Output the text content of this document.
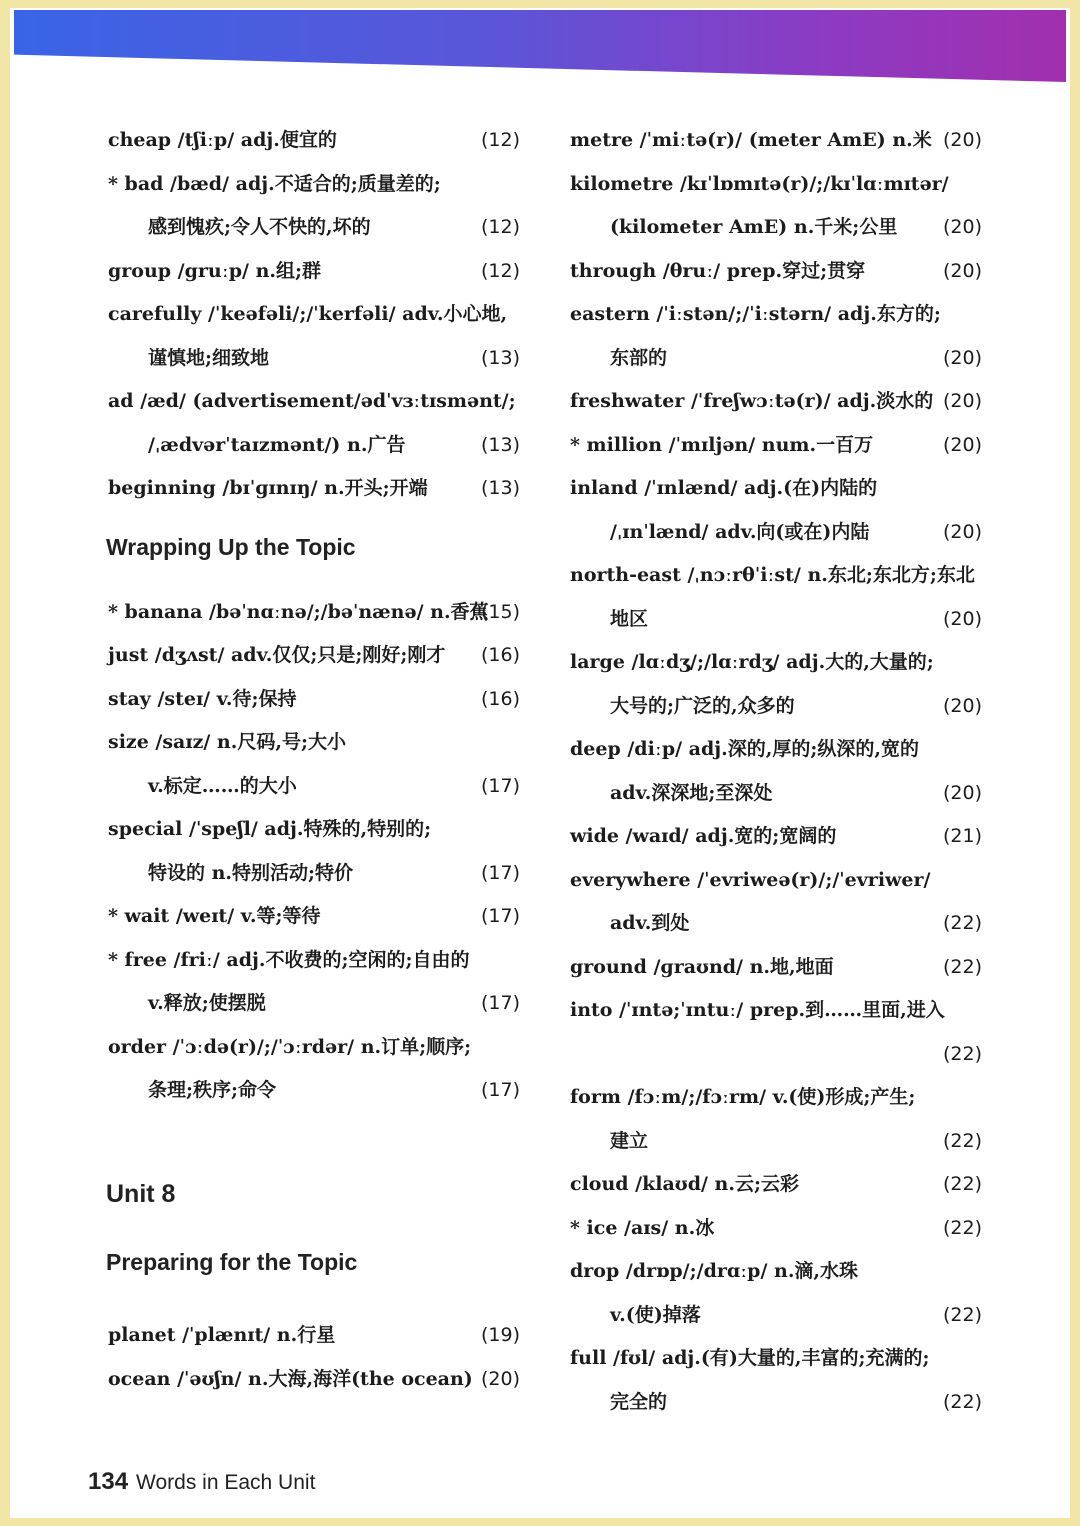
cheap /tʃiːp/ adj.便宜的	(12)
* bad /bæd/ adj.不适合的;质量差的;
感到愧疚;令人不快的,坏的	(12)
group /gruːp/ n.组;群	(12)
carefully /ˈkeəfəli/;/ˈkerfəli/ adv.小心地,
谨慎地;细致地	(13)
ad /æd/ (advertisement/ədˈvɜːtɪsmənt/;
/ˌædvərˈtaɪzmənt/) n.广告	(13)
beginning /bɪˈɡɪnɪŋ/ n.开头;开端	(13)
Wrapping Up the Topic
* banana /bəˈnɑːnə/;/bəˈnænə/ n.香蕉
(15)
just /dʒʌst/ adv.仅仅;只是;刚好;刚才 (16)
stay /steɪ/ v.待;保持	(16)
size /saɪz/ n.尺码,号;大小
v.标定……的大小	(17)
special /ˈspeʃl/ adj.特殊的,特别的;
特设的 n.特别活动;特价	(17)
* wait /weɪt/ v.等;等待	(17)
* free /friː/ adj.不收费的;空闲的;自由的
v.释放;使摆脱	(17)
order /ˈɔːdə(r)/;/ˈɔːrdər/ n.订单;顺序;
条理;秩序;命令	(17)
Unit 8
Preparing for the Topic
planet /ˈplænɪt/ n.行星	(19)
ocean /ˈəʊʃn/ n.大海,海洋(the ocean) (20)
metre /ˈmiːtə(r)/ (meter AmE) n.米 (20)
kilometre /kɪˈlɒmɪtə(r)/;/kɪˈlɑːmɪtər/
(kilometer AmE) n.千米;公里 (20)
through /θruː/ prep.穿过;贯穿	(20)
eastern /ˈiːstən/;/ˈiːstərn/ adj.东方的;
东部的	(20)
freshwater /ˈfreʃwɔːtə(r)/ adj.淡水的 (20)
* million /ˈmɪljən/ num.一百万	(20)
inland /ˈɪnlænd/ adj.(在)内陆的
/ˌɪnˈlænd/ adv.向(或在)内陆	(20)
north-east /ˌnɔːrθˈiːst/ n.东北;东北方;东北
地区	(20)
large /lɑːdʒ/;/lɑːrdʒ/ adj.大的,大量的;
大号的;广泛的,众多的	(20)
deep /diːp/ adj.深的,厚的;纵深的,宽的
adv.深深地;至深处	(20)
wide /waɪd/ adj.宽的;宽阔的	(21)
everywhere /ˈevriweə(r)/;/ˈevriwer/
adv.到处	(22)
ground /ɡraʊnd/ n.地,地面	(22)
into /ˈɪntə;ˈɪntuː/ prep.到……里面,进入
(22)
form /fɔːm/;/fɔːrm/ v.(使)形成;产生;
建立	(22)
cloud /klaʊd/ n.云;云彩	(22)
* ice /aɪs/ n.冰	(22)
drop /drɒp/;/drɑːp/ n.滴,水珠
v.(使)掉落	(22)
full /fʊl/ adj.(有)大量的,丰富的;充满的;
完全的	(22)
134 Words in Each Unit
